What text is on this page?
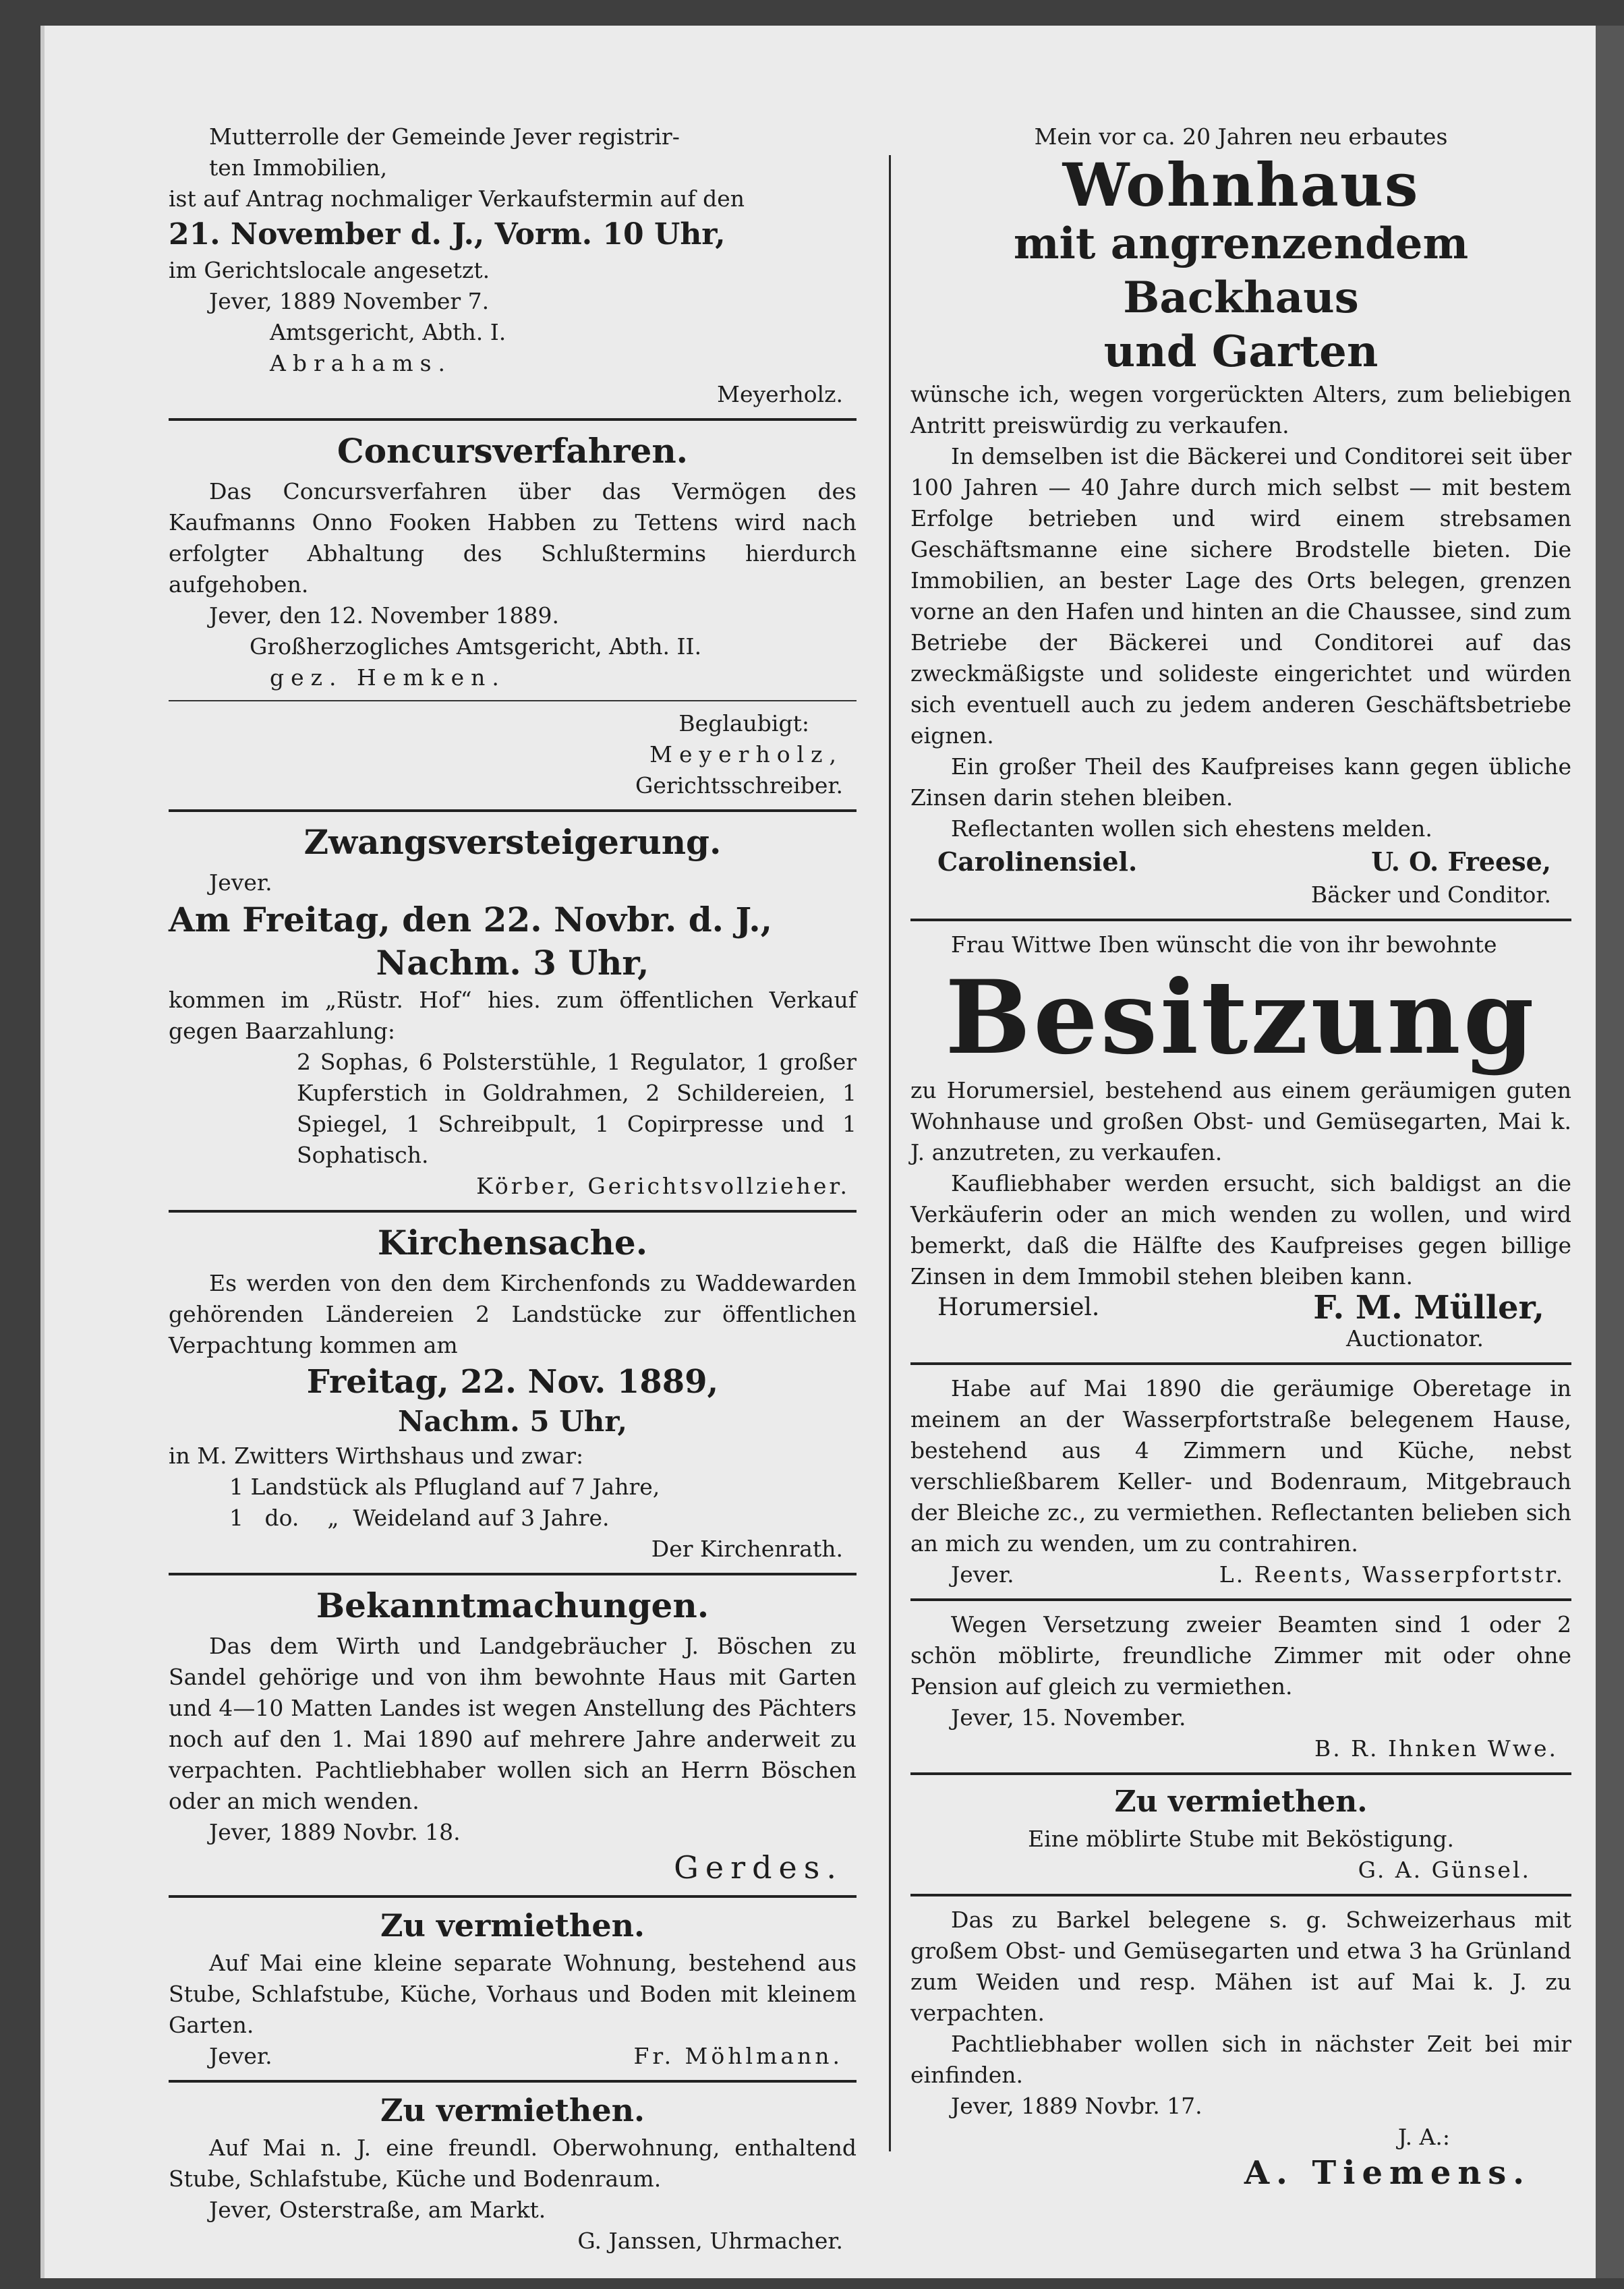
Mutterrolle der Gemeinde Jever registrir-

ten Immobilien,

ist auf Antrag nochmaliger Verkaufstermin auf den

21. November d. J., Vorm. 10 Uhr,

im Gerichtslocale angesetzt.

Jever, 1889 November 7.

Amtsgericht, Abth. I.

Abrahams.

Meyerholz.

Concursverfahren.

Das Concursverfahren über das Vermögen des Kaufmanns Onno Fooken Habben zu Tettens wird nach erfolgter Abhaltung des Schlußtermins hierdurch aufgehoben.

Jever, den 12. November 1889.

Großherzogliches Amtsgericht, Abth. II.

gez. Hemken.

Beglaubigt:

Meyerholz,

Gerichtsschreiber.

Zwangsversteigerung.

Jever.

Am Freitag, den 22. Novbr. d. J.,

Nachm. 3 Uhr,

kommen im „Rüstr. Hof“ hies. zum öffentlichen Verkauf gegen Baarzahlung:

2 Sophas, 6 Polsterstühle, 1 Regulator, 1 großer Kupferstich in Goldrahmen, 2 Schildereien, 1 Spiegel, 1 Schreibpult, 1 Copirpresse und 1 Sophatisch.

Körber, Gerichtsvollzieher.

Kirchensache.

Es werden von den dem Kirchenfonds zu Waddewarden gehörenden Ländereien 2 Landstücke zur öffentlichen Verpachtung kommen am

Freitag, 22. Nov. 1889,

Nachm. 5 Uhr,

in M. Zwitters Wirthshaus und zwar:

1 Landstück als Pflugland auf 7 Jahre,

1   do.    „  Weideland auf 3 Jahre.

Der Kirchenrath.

Bekanntmachungen.

Das dem Wirth und Landgebräucher J. Böschen zu Sandel gehörige und von ihm bewohnte Haus mit Garten und 4—10 Matten Landes ist wegen Anstellung des Pächters noch auf den 1. Mai 1890 auf mehrere Jahre anderweit zu verpachten. Pachtliebhaber wollen sich an Herrn Böschen oder an mich wenden.

Jever, 1889 Novbr. 18.

Gerdes.

Zu vermiethen.

Auf Mai eine kleine separate Wohnung, bestehend aus Stube, Schlafstube, Küche, Vorhaus und Boden mit kleinem Garten.

Jever.	Fr. Möhlmann.
Zu vermiethen.

Auf Mai n. J. eine freundl. Oberwohnung, enthaltend Stube, Schlafstube, Küche und Bodenraum.

Jever, Osterstraße, am Markt.

G. Janssen, Uhrmacher.

Mein vor ca. 20 Jahren neu erbautes

Wohnhaus
mit angrenzendem Backhaus
und Garten

wünsche ich, wegen vorgerückten Alters, zum beliebigen Antritt preiswürdig zu verkaufen.

In demselben ist die Bäckerei und Conditorei seit über 100 Jahren — 40 Jahre durch mich selbst — mit bestem Erfolge betrieben und wird einem strebsamen Geschäftsmanne eine sichere Brodstelle bieten. Die Immobilien, an bester Lage des Orts belegen, grenzen vorne an den Hafen und hinten an die Chaussee, sind zum Betriebe der Bäckerei und Conditorei auf das zweckmäßigste und solideste eingerichtet und würden sich eventuell auch zu jedem anderen Geschäftsbetriebe eignen.

Ein großer Theil des Kaufpreises kann gegen übliche Zinsen darin stehen bleiben.

Reflectanten wollen sich ehestens melden.

Carolinensiel.	U. O. Freese,

Bäcker und Conditor.

Frau Wittwe Iben wünscht die von ihr bewohnte

Besitzung

zu Horumersiel, bestehend aus einem geräumigen guten Wohnhause und großen Obst- und Gemüsegarten, Mai k. J. anzutreten, zu verkaufen.

Kaufliebhaber werden ersucht, sich baldigst an die Verkäuferin oder an mich wenden zu wollen, und wird bemerkt, daß die Hälfte des Kaufpreises gegen billige Zinsen in dem Immobil stehen bleiben kann.

Horumersiel.	F. M. Müller,

Auctionator.

Habe auf Mai 1890 die geräumige Oberetage in meinem an der Wasserpfortstraße belegenem Hause, bestehend aus 4 Zimmern und Küche, nebst verschließbarem Keller- und Bodenraum, Mitgebrauch der Bleiche zc., zu vermiethen. Reflectanten belieben sich an mich zu wenden, um zu contrahiren.

Jever.	L. Reents, Wasserpfortstr.

Wegen Versetzung zweier Beamten sind 1 oder 2 schön möblirte, freundliche Zimmer mit oder ohne Pension auf gleich zu vermiethen.

Jever, 15. November.

B. R. Ihnken Wwe.

Zu vermiethen.

Eine möblirte Stube mit Beköstigung.

G. A. Günsel.

Das zu Barkel belegene s. g. Schweizerhaus mit großem Obst- und Gemüsegarten und etwa 3 ha Grünland zum Weiden und resp. Mähen ist auf Mai k. J. zu verpachten.

Pachtliebhaber wollen sich in nächster Zeit bei mir einfinden.

Jever, 1889 Novbr. 17.

J. A.:

A. Tiemens.
